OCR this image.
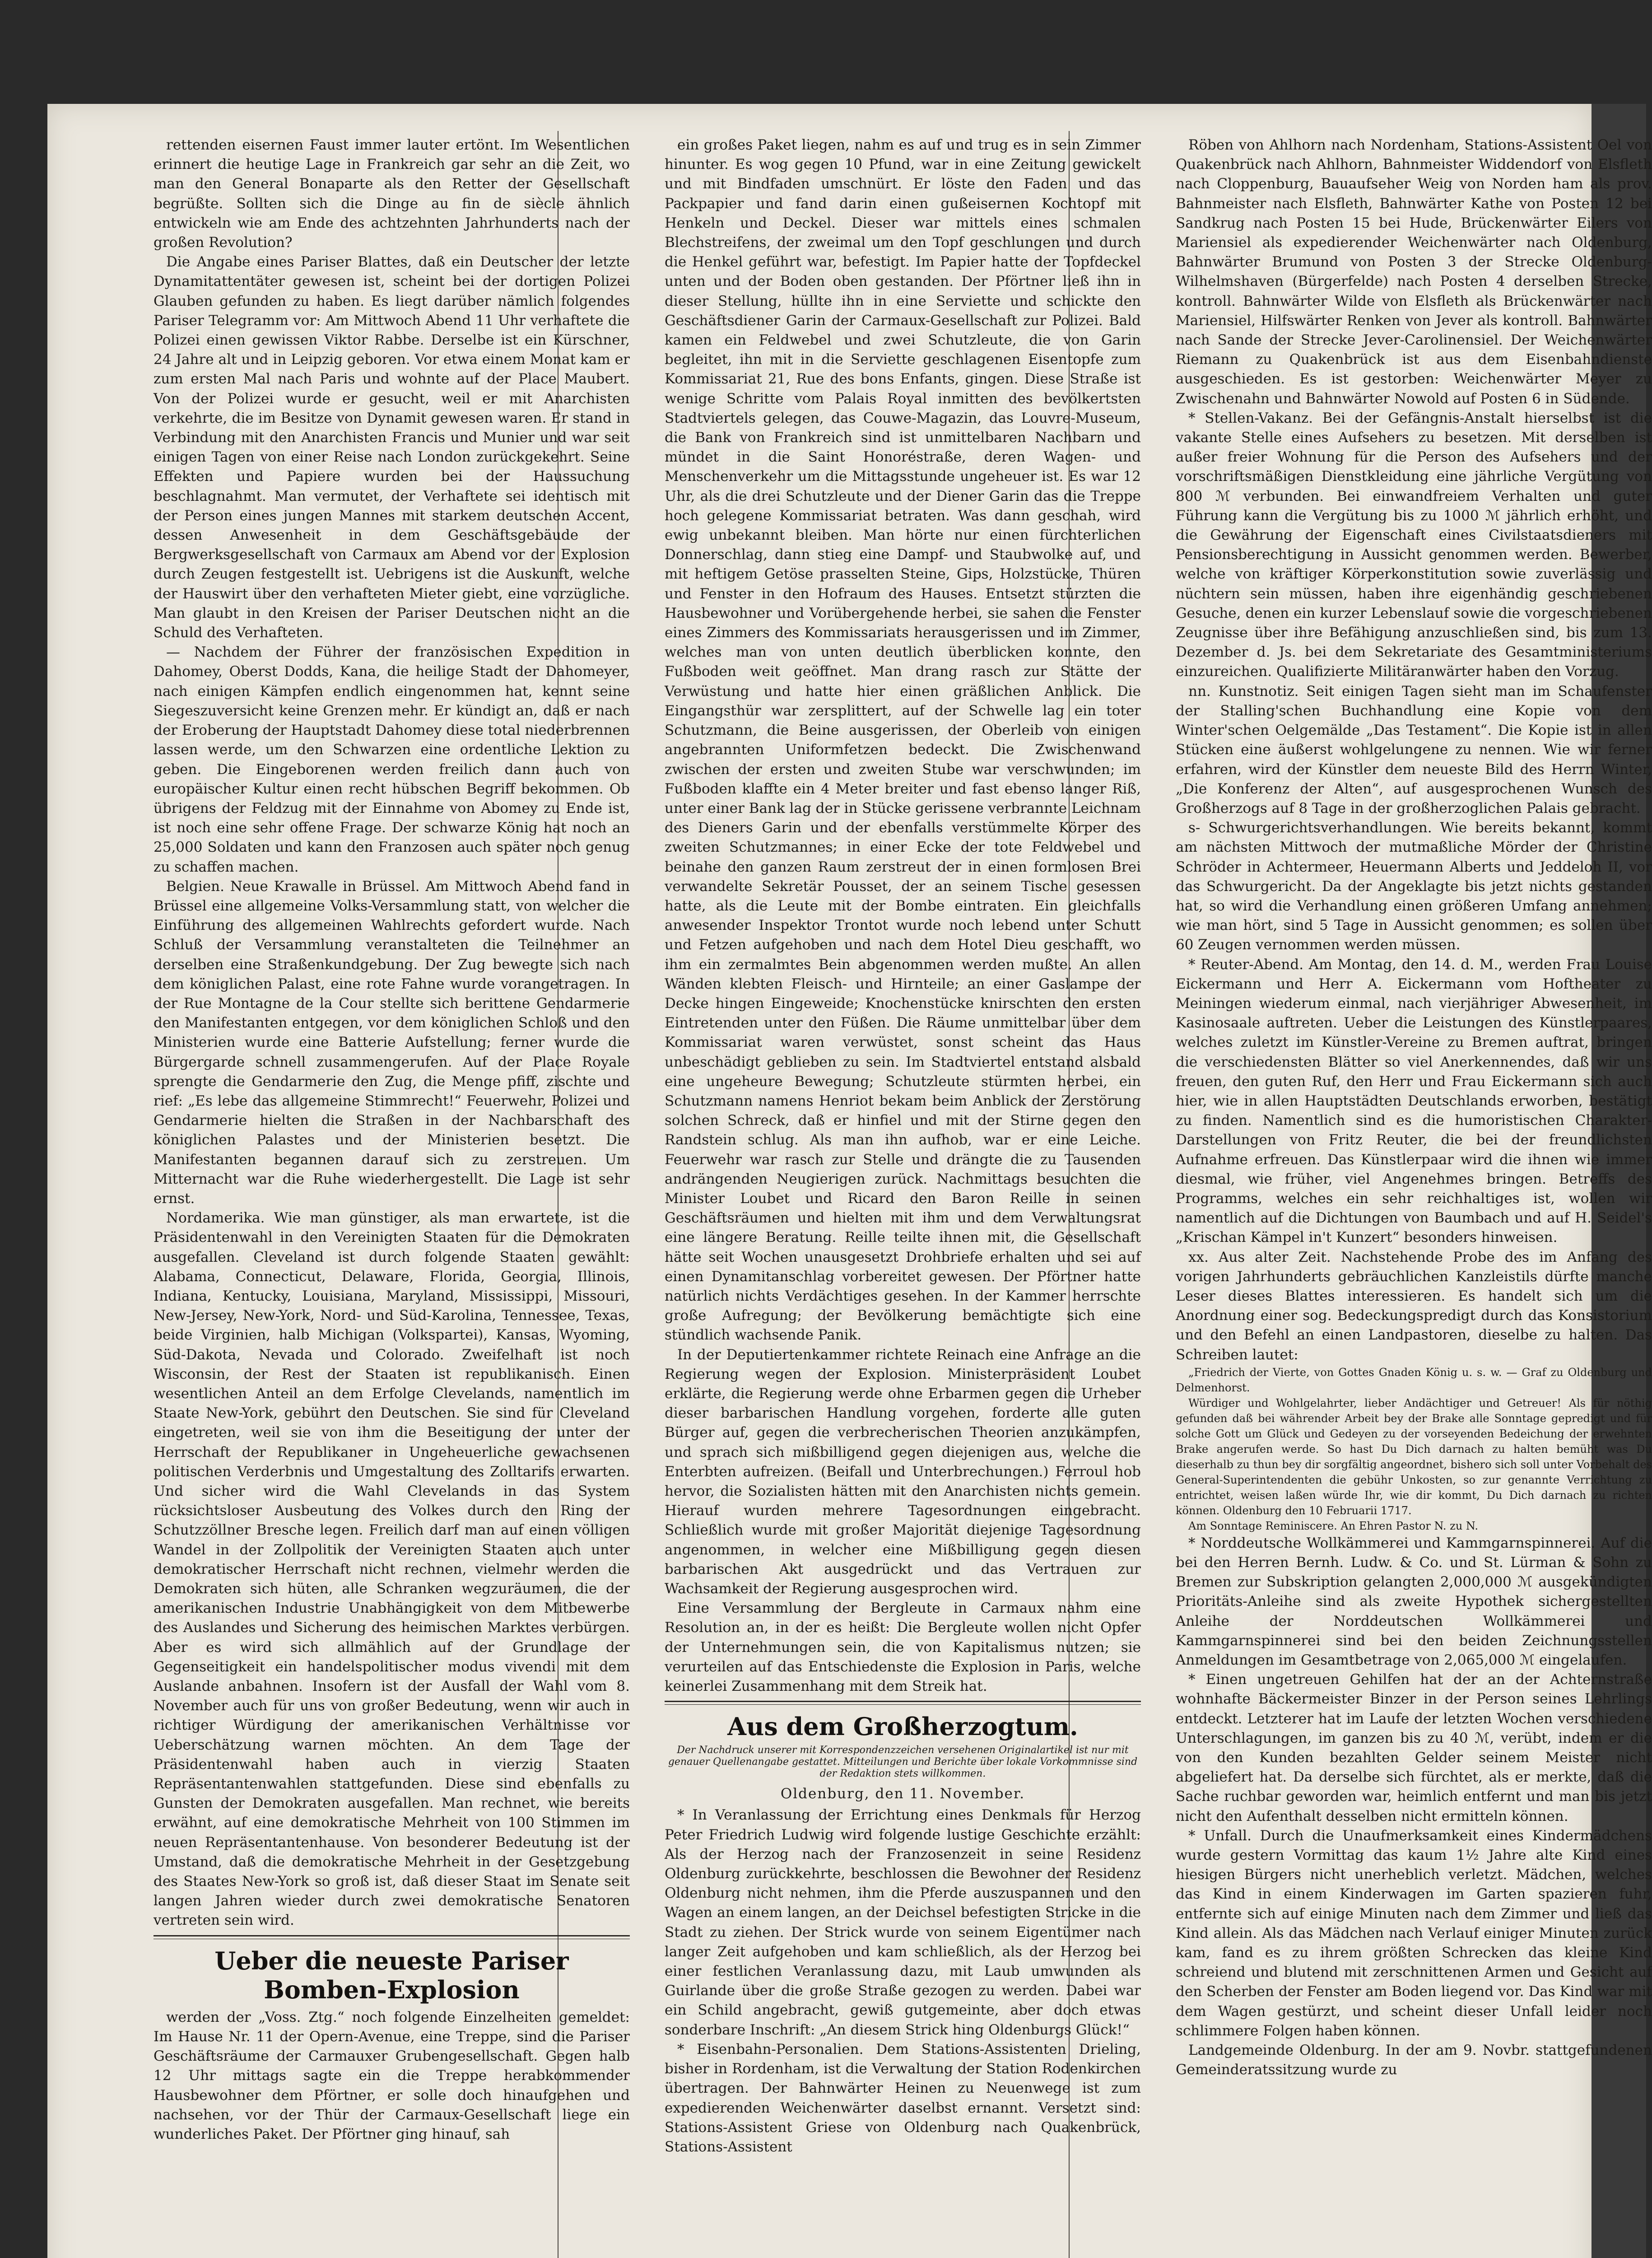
rettenden eisernen Faust immer lauter ertönt. Im Wesentlichen erinnert die heutige Lage in Frankreich gar sehr an die Zeit, wo man den General Bonaparte als den Retter der Gesellschaft begrüßte. Sollten sich die Dinge au fin de siècle ähnlich entwickeln wie am Ende des achtzehnten Jahrhunderts nach der großen Revolution?

Die Angabe eines Pariser Blattes, daß ein Deutscher der letzte Dynamitattentäter gewesen ist, scheint bei der dortigen Polizei Glauben gefunden zu haben. Es liegt darüber nämlich folgendes Pariser Telegramm vor: Am Mittwoch Abend 11 Uhr verhaftete die Polizei einen gewissen Viktor Rabbe. Derselbe ist ein Kürschner, 24 Jahre alt und in Leipzig geboren. Vor etwa einem Monat kam er zum ersten Mal nach Paris und wohnte auf der Place Maubert. Von der Polizei wurde er gesucht, weil er mit Anarchisten verkehrte, die im Besitze von Dynamit gewesen waren. Er stand in Verbindung mit den Anarchisten Francis und Munier und war seit einigen Tagen von einer Reise nach London zurückgekehrt. Seine Effekten und Papiere wurden bei der Haussuchung beschlagnahmt. Man vermutet, der Verhaftete sei identisch mit der Person eines jungen Mannes mit starkem deutschen Accent, dessen Anwesenheit in dem Geschäftsgebäude der Bergwerksgesellschaft von Carmaux am Abend vor der Explosion durch Zeugen festgestellt ist. Uebrigens ist die Auskunft, welche der Hauswirt über den verhafteten Mieter giebt, eine vorzügliche. Man glaubt in den Kreisen der Pariser Deutschen nicht an die Schuld des Verhafteten.

— Nachdem der Führer der französischen Expedition in Dahomey, Oberst Dodds, Kana, die heilige Stadt der Dahomeyer, nach einigen Kämpfen endlich eingenommen hat, kennt seine Siegeszuversicht keine Grenzen mehr. Er kündigt an, daß er nach der Eroberung der Hauptstadt Dahomey diese total niederbrennen lassen werde, um den Schwarzen eine ordentliche Lektion zu geben. Die Eingeborenen werden freilich dann auch von europäischer Kultur einen recht hübschen Begriff bekommen. Ob übrigens der Feldzug mit der Einnahme von Abomey zu Ende ist, ist noch eine sehr offene Frage. Der schwarze König hat noch an 25,000 Soldaten und kann den Franzosen auch später noch genug zu schaffen machen.

Belgien. Neue Krawalle in Brüssel. Am Mittwoch Abend fand in Brüssel eine allgemeine Volks-Versammlung statt, von welcher die Einführung des allgemeinen Wahlrechts gefordert wurde. Nach Schluß der Versammlung veranstalteten die Teilnehmer an derselben eine Straßenkundgebung. Der Zug bewegte sich nach dem königlichen Palast, eine rote Fahne wurde vorangetragen. In der Rue Montagne de la Cour stellte sich berittene Gendarmerie den Manifestanten entgegen, vor dem königlichen Schloß und den Ministerien wurde eine Batterie Aufstellung; ferner wurde die Bürgergarde schnell zusammengerufen. Auf der Place Royale sprengte die Gendarmerie den Zug, die Menge pfiff, zischte und rief: „Es lebe das allgemeine Stimmrecht!“ Feuerwehr, Polizei und Gendarmerie hielten die Straßen in der Nachbarschaft des königlichen Palastes und der Ministerien besetzt. Die Manifestanten begannen darauf sich zu zerstreuen. Um Mitternacht war die Ruhe wiederhergestellt. Die Lage ist sehr ernst.

Nordamerika. Wie man günstiger, als man erwartete, ist die Präsidentenwahl in den Vereinigten Staaten für die Demokraten ausgefallen. Cleveland ist durch folgende Staaten gewählt: Alabama, Connecticut, Delaware, Florida, Georgia, Illinois, Indiana, Kentucky, Louisiana, Maryland, Mississippi, Missouri, New-Jersey, New-York, Nord- und Süd-Karolina, Tennessee, Texas, beide Virginien, halb Michigan (Volkspartei), Kansas, Wyoming, Süd-Dakota, Nevada und Colorado. Zweifelhaft ist noch Wisconsin, der Rest der Staaten ist republikanisch. Einen wesentlichen Anteil an dem Erfolge Clevelands, namentlich im Staate New-York, gebührt den Deutschen. Sie sind für Cleveland eingetreten, weil sie von ihm die Beseitigung der unter der Herrschaft der Republikaner in Ungeheuerliche gewachsenen politischen Verderbnis und Umgestaltung des Zolltarifs erwarten. Und sicher wird die Wahl Clevelands in das System rücksichtsloser Ausbeutung des Volkes durch den Ring der Schutzzöllner Bresche legen. Freilich darf man auf einen völligen Wandel in der Zollpolitik der Vereinigten Staaten auch unter demokratischer Herrschaft nicht rechnen, vielmehr werden die Demokraten sich hüten, alle Schranken wegzuräumen, die der amerikanischen Industrie Unabhängigkeit von dem Mitbewerbe des Auslandes und Sicherung des heimischen Marktes verbürgen. Aber es wird sich allmählich auf der Grundlage der Gegenseitigkeit ein handelspolitischer modus vivendi mit dem Auslande anbahnen. Insofern ist der Ausfall der Wahl vom 8. November auch für uns von großer Bedeutung, wenn wir auch in richtiger Würdigung der amerikanischen Verhältnisse vor Ueberschätzung warnen möchten. An dem Tage der Präsidentenwahl haben auch in vierzig Staaten Repräsentantenwahlen stattgefunden. Diese sind ebenfalls zu Gunsten der Demokraten ausgefallen. Man rechnet, wie bereits erwähnt, auf eine demokratische Mehrheit von 100 Stimmen im neuen Repräsentantenhause. Von besonderer Bedeutung ist der Umstand, daß die demokratische Mehrheit in der Gesetzgebung des Staates New-York so groß ist, daß dieser Staat im Senate seit langen Jahren wieder durch zwei demokratische Senatoren vertreten sein wird.

Ueber die neueste Pariser Bomben-Explosion

werden der „Voss. Ztg.“ noch folgende Einzelheiten gemeldet: Im Hause Nr. 11 der Opern-Avenue, eine Treppe, sind die Pariser Geschäftsräume der Carmauxer Grubengesellschaft. Gegen halb 12 Uhr mittags sagte ein die Treppe herabkommender Hausbewohner dem Pförtner, er solle doch hinaufgehen und nachsehen, vor der Thür der Carmaux-Gesellschaft liege ein wunderliches Paket. Der Pförtner ging hinauf, sah

ein großes Paket liegen, nahm es auf und trug es in sein Zimmer hinunter. Es wog gegen 10 Pfund, war in eine Zeitung gewickelt und mit Bindfaden umschnürt. Er löste den Faden und das Packpapier und fand darin einen gußeisernen Kochtopf mit Henkeln und Deckel. Dieser war mittels eines schmalen Blechstreifens, der zweimal um den Topf geschlungen und durch die Henkel geführt war, befestigt. Im Papier hatte der Topfdeckel unten und der Boden oben gestanden. Der Pförtner ließ ihn in dieser Stellung, hüllte ihn in eine Serviette und schickte den Geschäftsdiener Garin der Carmaux-Gesellschaft zur Polizei. Bald kamen ein Feldwebel und zwei Schutzleute, die von Garin begleitet, ihn mit in die Serviette geschlagenen Eisentopfe zum Kommissariat 21, Rue des bons Enfants, gingen. Diese Straße ist wenige Schritte vom Palais Royal inmitten des bevölkertsten Stadtviertels gelegen, das Couwe-Magazin, das Louvre-Museum, die Bank von Frankreich sind ist unmittelbaren Nachbarn und mündet in die Saint Honoréstraße, deren Wagen- und Menschenverkehr um die Mittagsstunde ungeheuer ist. Es war 12 Uhr, als die drei Schutzleute und der Diener Garin das die Treppe hoch gelegene Kommissariat betraten. Was dann geschah, wird ewig unbekannt bleiben. Man hörte nur einen fürchterlichen Donnerschlag, dann stieg eine Dampf- und Staubwolke auf, und mit heftigem Getöse prasselten Steine, Gips, Holzstücke, Thüren und Fenster in den Hofraum des Hauses. Entsetzt stürzten die Hausbewohner und Vorübergehende herbei, sie sahen die Fenster eines Zimmers des Kommissariats herausgerissen und im Zimmer, welches man von unten deutlich überblicken konnte, den Fußboden weit geöffnet. Man drang rasch zur Stätte der Verwüstung und hatte hier einen gräßlichen Anblick. Die Eingangsthür war zersplittert, auf der Schwelle lag ein toter Schutzmann, die Beine ausgerissen, der Oberleib von einigen angebrannten Uniformfetzen bedeckt. Die Zwischenwand zwischen der ersten und zweiten Stube war verschwunden; im Fußboden klaffte ein 4 Meter breiter und fast ebenso langer Riß, unter einer Bank lag der in Stücke gerissene verbrannte Leichnam des Dieners Garin und der ebenfalls verstümmelte Körper des zweiten Schutzmannes; in einer Ecke der tote Feldwebel und beinahe den ganzen Raum zerstreut der in einen formlosen Brei verwandelte Sekretär Pousset, der an seinem Tische gesessen hatte, als die Leute mit der Bombe eintraten. Ein gleichfalls anwesender Inspektor Trontot wurde noch lebend unter Schutt und Fetzen aufgehoben und nach dem Hotel Dieu geschafft, wo ihm ein zermalmtes Bein abgenommen werden mußte. An allen Wänden klebten Fleisch- und Hirnteile; an einer Gaslampe der Decke hingen Eingeweide; Knochenstücke knirschten den ersten Eintretenden unter den Füßen. Die Räume unmittelbar über dem Kommissariat waren verwüstet, sonst scheint das Haus unbeschädigt geblieben zu sein. Im Stadtviertel entstand alsbald eine ungeheure Bewegung; Schutzleute stürmten herbei, ein Schutzmann namens Henriot bekam beim Anblick der Zerstörung solchen Schreck, daß er hinfiel und mit der Stirne gegen den Randstein schlug. Als man ihn aufhob, war er eine Leiche. Feuerwehr war rasch zur Stelle und drängte die zu Tausenden andrängenden Neugierigen zurück. Nachmittags besuchten die Minister Loubet und Ricard den Baron Reille in seinen Geschäftsräumen und hielten mit ihm und dem Verwaltungsrat eine längere Beratung. Reille teilte ihnen mit, die Gesellschaft hätte seit Wochen unausgesetzt Drohbriefe erhalten und sei auf einen Dynamitanschlag vorbereitet gewesen. Der Pförtner hatte natürlich nichts Verdächtiges gesehen. In der Kammer herrschte große Aufregung; der Bevölkerung bemächtigte sich eine stündlich wachsende Panik.

In der Deputiertenkammer richtete Reinach eine Anfrage an die Regierung wegen der Explosion. Ministerpräsident Loubet erklärte, die Regierung werde ohne Erbarmen gegen die Urheber dieser barbarischen Handlung vorgehen, forderte alle guten Bürger auf, gegen die verbrecherischen Theorien anzukämpfen, und sprach sich mißbilligend gegen diejenigen aus, welche die Enterbten aufreizen. (Beifall und Unterbrechungen.) Ferroul hob hervor, die Sozialisten hätten mit den Anarchisten nichts gemein. Hierauf wurden mehrere Tagesordnungen eingebracht. Schließlich wurde mit großer Majorität diejenige Tagesordnung angenommen, in welcher eine Mißbilligung gegen diesen barbarischen Akt ausgedrückt und das Vertrauen zur Wachsamkeit der Regierung ausgesprochen wird.

Eine Versammlung der Bergleute in Carmaux nahm eine Resolution an, in der es heißt: Die Bergleute wollen nicht Opfer der Unternehmungen sein, die von Kapitalismus nutzen; sie verurteilen auf das Entschiedenste die Explosion in Paris, welche keinerlei Zusammenhang mit dem Streik hat.

Aus dem Großherzogtum.
Der Nachdruck unserer mit Korrespondenzzeichen versehenen Originalartikel ist nur mit genauer Quellenangabe gestattet. Mitteilungen und Berichte über lokale Vorkommnisse sind der Redaktion stets willkommen.
Oldenburg, den 11. November.

* In Veranlassung der Errichtung eines Denkmals für Herzog Peter Friedrich Ludwig wird folgende lustige Geschichte erzählt: Als der Herzog nach der Franzosenzeit in seine Residenz Oldenburg zurückkehrte, beschlossen die Bewohner der Residenz Oldenburg nicht nehmen, ihm die Pferde auszuspannen und den Wagen an einem langen, an der Deichsel befestigten Stricke in die Stadt zu ziehen. Der Strick wurde von seinem Eigentümer nach langer Zeit aufgehoben und kam schließlich, als der Herzog bei einer festlichen Veranlassung dazu, mit Laub umwunden als Guirlande über die große Straße gezogen zu werden. Dabei war ein Schild angebracht, gewiß gutgemeinte, aber doch etwas sonderbare Inschrift: „An diesem Strick hing Oldenburgs Glück!“

* Eisenbahn-Personalien. Dem Stations-Assistenten Drieling, bisher in Rordenham, ist die Verwaltung der Station Rodenkirchen übertragen. Der Bahnwärter Heinen zu Neuenwege ist zum expedierenden Weichenwärter daselbst ernannt. Versetzt sind: Stations-Assistent Griese von Oldenburg nach Quakenbrück, Stations-Assistent

Röben von Ahlhorn nach Nordenham, Stations-Assistent Oel von Quakenbrück nach Ahlhorn, Bahnmeister Widdendorf von Elsfleth nach Cloppenburg, Bauaufseher Weig von Norden ham als prov. Bahnmeister nach Elsfleth, Bahnwärter Kathe von Posten 12 bei Sandkrug nach Posten 15 bei Hude, Brückenwärter Eilers von Mariensiel als expedierender Weichenwärter nach Oldenburg, Bahnwärter Brumund von Posten 3 der Strecke Oldenburg-Wilhelmshaven (Bürgerfelde) nach Posten 4 derselben Strecke, kontroll. Bahnwärter Wilde von Elsfleth als Brückenwärter nach Mariensiel, Hilfswärter Renken von Jever als kontroll. Bahnwärter nach Sande der Strecke Jever-Carolinensiel. Der Weichenwärter Riemann zu Quakenbrück ist aus dem Eisenbahndienste ausgeschieden. Es ist gestorben: Weichenwärter Meyer zu Zwischenahn und Bahnwärter Nowold auf Posten 6 in Südende.

* Stellen-Vakanz. Bei der Gefängnis-Anstalt hierselbst ist die vakante Stelle eines Aufsehers zu besetzen. Mit derselben ist außer freier Wohnung für die Person des Aufsehers und der vorschriftsmäßigen Dienstkleidung eine jährliche Vergütung von 800 ℳ verbunden. Bei einwandfreiem Verhalten und guter Führung kann die Vergütung bis zu 1000 ℳ jährlich erhöht, und die Gewährung der Eigenschaft eines Civilstaatsdieners mit Pensionsberechtigung in Aussicht genommen werden. Bewerber, welche von kräftiger Körperkonstitution sowie zuverlässig und nüchtern sein müssen, haben ihre eigenhändig geschriebenen Gesuche, denen ein kurzer Lebenslauf sowie die vorgeschriebenen Zeugnisse über ihre Befähigung anzuschließen sind, bis zum 13. Dezember d. Js. bei dem Sekretariate des Gesamtministeriums einzureichen. Qualifizierte Militäranwärter haben den Vorzug.

nn. Kunstnotiz. Seit einigen Tagen sieht man im Schaufenster der Stalling'schen Buchhandlung eine Kopie von dem Winter'schen Oelgemälde „Das Testament“. Die Kopie ist in allen Stücken eine äußerst wohlgelungene zu nennen. Wie wir ferner erfahren, wird der Künstler dem neueste Bild des Herrn Winter, „Die Konferenz der Alten“, auf ausgesprochenen Wunsch des Großherzogs auf 8 Tage in der großherzoglichen Palais gebracht.

s- Schwurgerichtsverhandlungen. Wie bereits bekannt, kommt am nächsten Mittwoch der mutmaßliche Mörder der Christine Schröder in Achtermeer, Heuermann Alberts und Jeddeloh II, vor das Schwurgericht. Da der Angeklagte bis jetzt nichts gestanden hat, so wird die Verhandlung einen größeren Umfang annehmen; wie man hört, sind 5 Tage in Aussicht genommen; es sollen über 60 Zeugen vernommen werden müssen.

* Reuter-Abend. Am Montag, den 14. d. M., werden Frau Louise Eickermann und Herr A. Eickermann vom Hoftheater zu Meiningen wiederum einmal, nach vierjähriger Abwesenheit, im Kasinosaale auftreten. Ueber die Leistungen des Künstlerpaares, welches zuletzt im Künstler-Vereine zu Bremen auftrat, bringen die verschiedensten Blätter so viel Anerkennendes, daß wir uns freuen, den guten Ruf, den Herr und Frau Eickermann sich auch hier, wie in allen Hauptstädten Deutschlands erworben, bestätigt zu finden. Namentlich sind es die humoristischen Charakter-Darstellungen von Fritz Reuter, die bei der freundlichsten Aufnahme erfreuen. Das Künstlerpaar wird die ihnen wie immer diesmal, wie früher, viel Angenehmes bringen. Betreffs des Programms, welches ein sehr reichhaltiges ist, wollen wir namentlich auf die Dichtungen von Baumbach und auf H. Seidel's „Krischan Kämpel in't Kunzert“ besonders hinweisen.

xx. Aus alter Zeit. Nachstehende Probe des im Anfang des vorigen Jahrhunderts gebräuchlichen Kanzleistils dürfte manche Leser dieses Blattes interessieren. Es handelt sich um die Anordnung einer sog. Bedeckungspredigt durch das Konsistorium und den Befehl an einen Landpastoren, dieselbe zu halten. Das Schreiben lautet:

„Friedrich der Vierte, von Gottes Gnaden König u. s. w. — Graf zu Oldenburg und Delmenhorst.

Würdiger und Wohlgelahrter, lieber Andächtiger und Getreuer! Als für nöthig gefunden daß bei währender Arbeit bey der Brake alle Sonntage gepredigt und für solche Gott um Glück und Gedeyen zu der vorseyenden Bedeichung der erwehnten Brake angerufen werde. So hast Du Dich darnach zu halten bemüht was Du dieserhalb zu thun bey dir sorgfältig angeordnet, bishero sich soll unter Vorbehalt des General-Superintendenten die gebühr Unkosten, so zur genannte Verrichtung zu entrichtet, weisen laßen würde Ihr, wie dir kommt, Du Dich darnach zu richten können. Oldenburg den 10 Februarii 1717.

Am Sonntage Reminiscere. An Ehren Pastor N. zu N.

* Norddeutsche Wollkämmerei und Kammgarnspinnerei. Auf die bei den Herren Bernh. Ludw. & Co. und St. Lürman & Sohn zu Bremen zur Subskription gelangten 2,000,000 ℳ ausgekündigten Prioritäts-Anleihe sind als zweite Hypothek sichergestellten Anleihe der Norddeutschen Wollkämmerei und Kammgarnspinnerei sind bei den beiden Zeichnungsstellen Anmeldungen im Gesamtbetrage von 2,065,000 ℳ eingelaufen.

* Einen ungetreuen Gehilfen hat der an der Achternstraße wohnhafte Bäckermeister Binzer in der Person seines Lehrlings entdeckt. Letzterer hat im Laufe der letzten Wochen verschiedene Unterschlagungen, im ganzen bis zu 40 ℳ, verübt, indem er die von den Kunden bezahlten Gelder seinem Meister nicht abgeliefert hat. Da derselbe sich fürchtet, als er merkte, daß die Sache ruchbar geworden war, heimlich entfernt und man bis jetzt nicht den Aufenthalt desselben nicht ermitteln können.

* Unfall. Durch die Unaufmerksamkeit eines Kindermädchens wurde gestern Vormittag das kaum 1½ Jahre alte Kind eines hiesigen Bürgers nicht unerheblich verletzt. Mädchen, welches das Kind in einem Kinderwagen im Garten spazieren fuhr, entfernte sich auf einige Minuten nach dem Zimmer und ließ das Kind allein. Als das Mädchen nach Verlauf einiger Minuten zurück kam, fand es zu ihrem größten Schrecken das kleine Kind schreiend und blutend mit zerschnittenen Armen und Gesicht auf den Scherben der Fenster am Boden liegend vor. Das Kind war mit dem Wagen gestürzt, und scheint dieser Unfall leider noch schlimmere Folgen haben können.

Landgemeinde Oldenburg. In der am 9. Novbr. stattgefundenen Gemeinderatssitzung wurde zu
